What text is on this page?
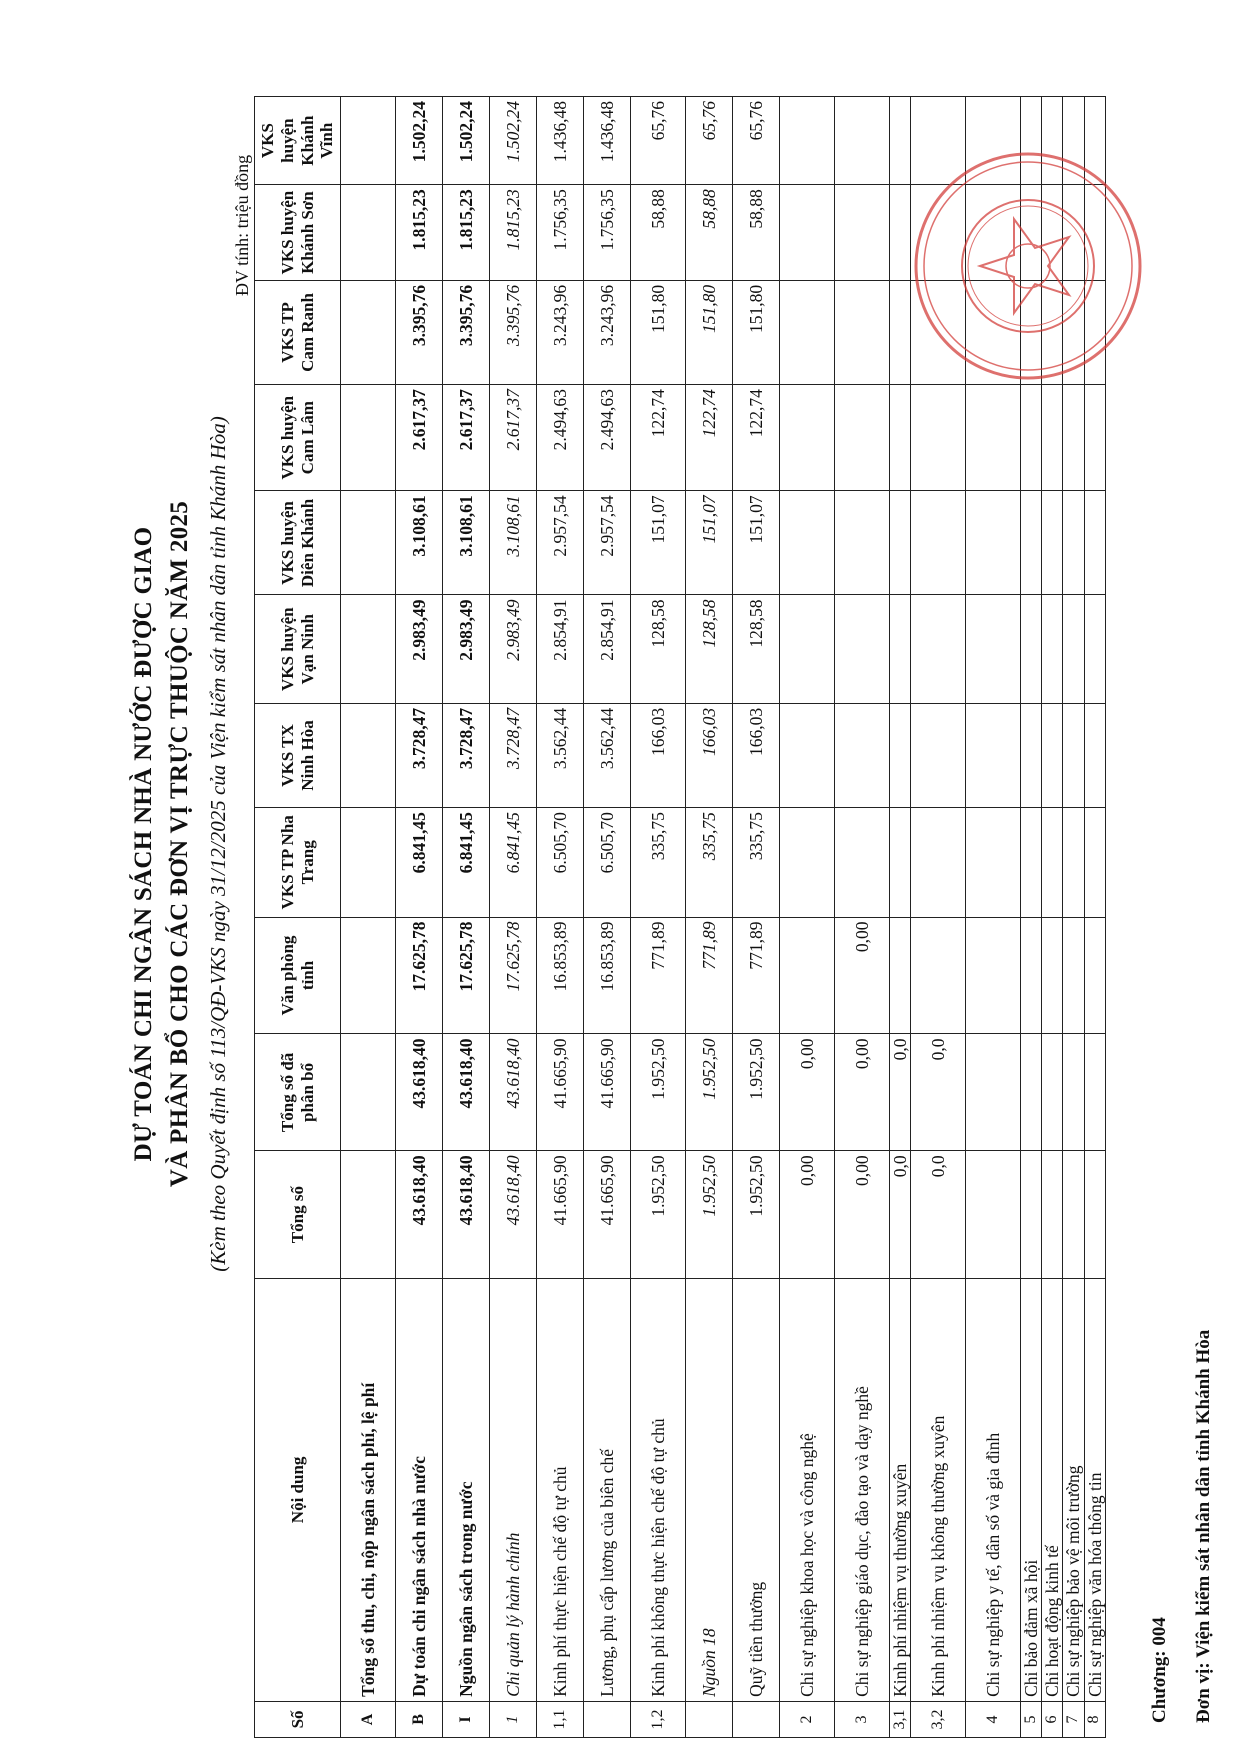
Đơn vị: Viện kiểm sát nhân dân tỉnh Khánh Hòa
Chương: 004
DỰ TOÁN CHI NGÂN SÁCH NHÀ NƯỚC ĐƯỢC GIAO VÀ PHÂN BỔ CHO CÁC ĐƠN VỊ TRỰC THUỘC NĂM 2025 (Kèm theo Quyết định số 113/QĐ-VKS ngày 31/12/2025 của Viện kiểm sát nhân dân tỉnh Khánh Hòa)
ĐV tính: triệu đồng
Số	Nội dung	Tổng số	Tổng số đã phân bổ	Văn phòng tỉnh	VKS TP Nha Trang	VKS TX Ninh Hòa	VKS huyện Vạn Ninh	VKS huyện Diên Khánh	VKS huyện Cam Lâm	VKS TP Cam Ranh	VKS huyện Khánh Sơn	VKS huyện Khánh Vĩnh
A	Tổng số thu, chi, nộp ngân sách phí, lệ phí											
B	Dự toán chi ngân sách nhà nước	43.618,40	43.618,40	17.625,78	6.841,45	3.728,47	2.983,49	3.108,61	2.617,37	3.395,76	1.815,23	1.502,24
I	Nguồn ngân sách trong nước	43.618,40	43.618,40	17.625,78	6.841,45	3.728,47	2.983,49	3.108,61	2.617,37	3.395,76	1.815,23	1.502,24
1	Chi quản lý hành chính	43.618,40	43.618,40	17.625,78	6.841,45	3.728,47	2.983,49	3.108,61	2.617,37	3.395,76	1.815,23	1.502,24
1,1	Kinh phí thực hiện chế độ tự chủ	41.665,90	41.665,90	16.853,89	6.505,70	3.562,44	2.854,91	2.957,54	2.494,63	3.243,96	1.756,35	1.436,48
	Lương, phụ cấp lương của biên chế	41.665,90	41.665,90	16.853,89	6.505,70	3.562,44	2.854,91	2.957,54	2.494,63	3.243,96	1.756,35	1.436,48
1,2	Kinh phí không thực hiện chế độ tự chủ	1.952,50	1.952,50	771,89	335,75	166,03	128,58	151,07	122,74	151,80	58,88	65,76
	Nguồn 18	1.952,50	1.952,50	771,89	335,75	166,03	128,58	151,07	122,74	151,80	58,88	65,76
	Quỹ tiền thưởng	1.952,50	1.952,50	771,89	335,75	166,03	128,58	151,07	122,74	151,80	58,88	65,76
2	Chi sự nghiệp khoa học và công nghệ	0,00	0,00									
3	Chi sự nghiệp giáo dục, đào tạo và dạy nghề	0,00	0,00	0,00								
3,1	Kinh phí nhiệm vụ thường xuyên	0,0	0,0									
3,2	Kinh phí nhiệm vụ không thường xuyên	0,0	0,0									
4	Chi sự nghiệp y tế, dân số và gia đình											
5	Chi bảo đảm xã hội											
6	Chi hoạt động kinh tế											
7	Chi sự nghiệp bảo vệ môi trường											
8	Chi sự nghiệp văn hóa thông tin											
